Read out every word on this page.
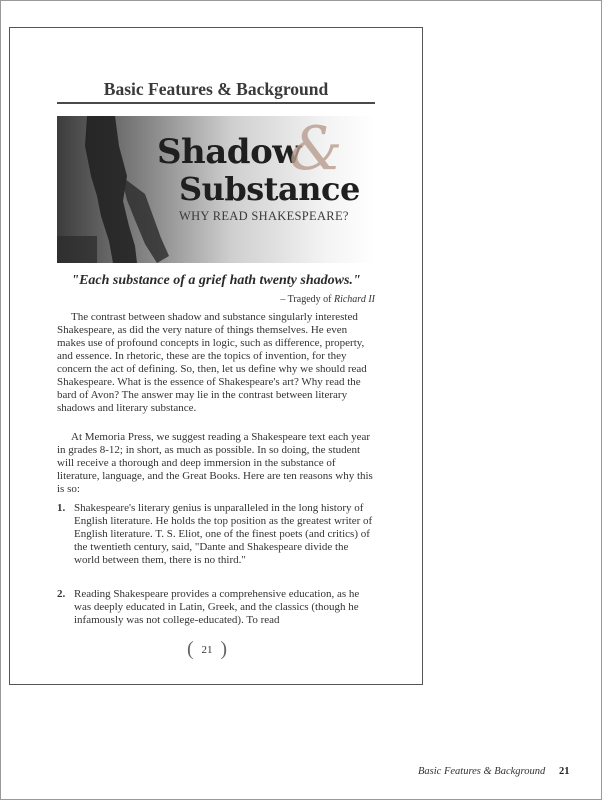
Basic Features & Background
Shadow
&
Substance
WHY READ SHAKESPEARE?
"Each substance of a grief hath twenty shadows."
– Tragedy of Richard II
The contrast between shadow and substance singularly interested Shakespeare, as did the very nature of things themselves. He even makes use of profound concepts in logic, such as difference, property, and essence. In rhetoric, these are the topics of invention, for they concern the act of defining. So, then, let us define why we should read Shakespeare. What is the essence of Shakespeare's art? Why read the bard of Avon? The answer may lie in the contrast between literary shadows and literary substance.
At Memoria Press, we suggest reading a Shakespeare text each year in grades 8-12; in short, as much as possible. In so doing, the student will receive a thorough and deep immersion in the substance of literature, language, and the Great Books. Here are ten reasons why this is so:
1. Shakespeare's literary genius is unparalleled in the long history of English literature. He holds the top position as the greatest writer of English literature. T. S. Eliot, one of the finest poets (and critics) of the twentieth century, said, "Dante and Shakespeare divide the world between them, there is no third."
2. Reading Shakespeare provides a comprehensive education, as he was deeply educated in Latin, Greek, and the classics (though he infamously was not college-educated). To read
( 21 )
Basic Features & Background 21
